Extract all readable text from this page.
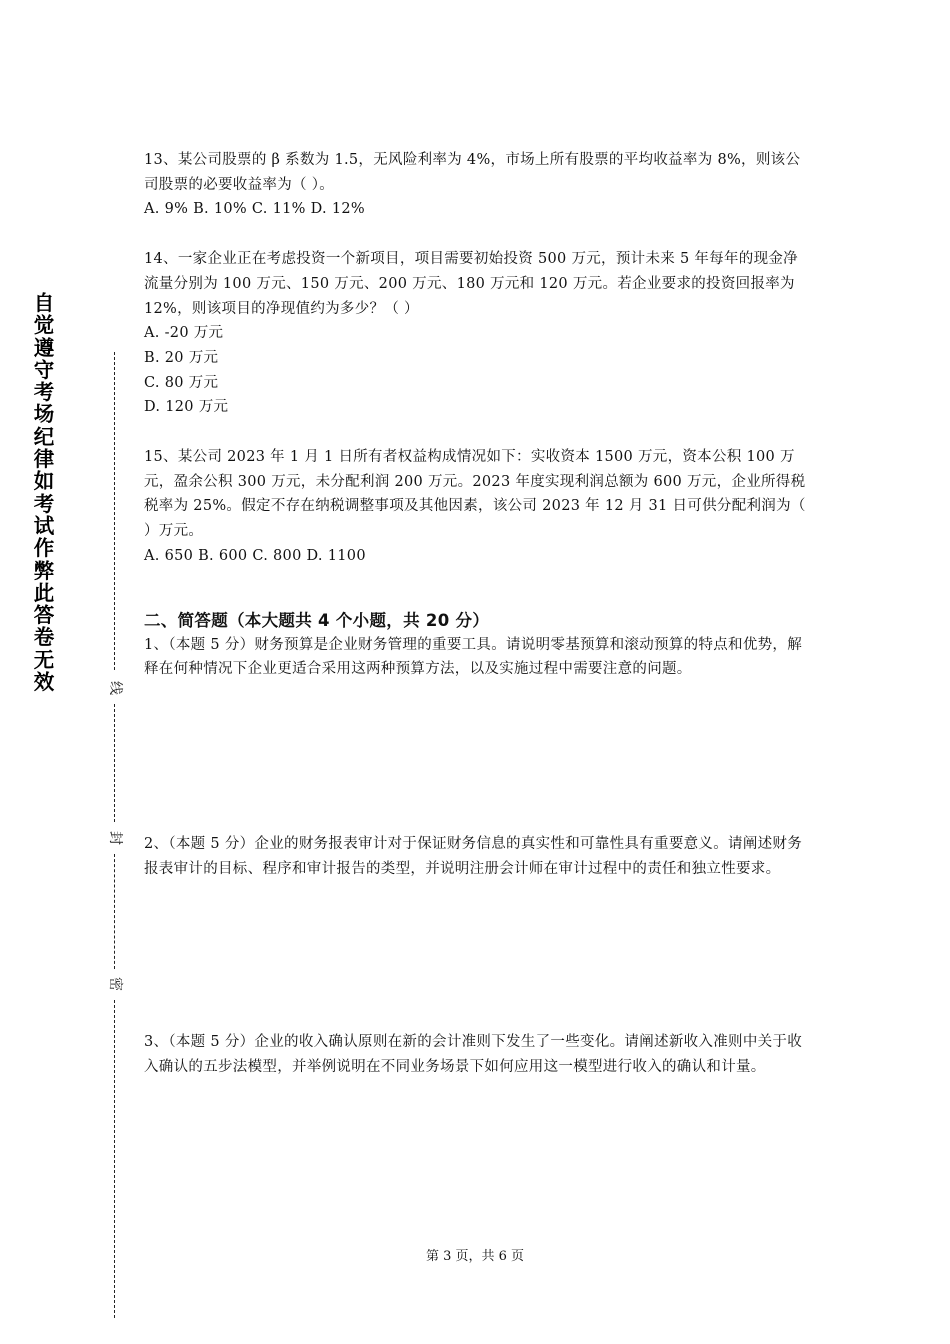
自觉遵守考场纪律如考试作弊此答卷无效	线
封
密

13、某公司股票的 β 系数为 1.5，无风险利率为 4%，市场上所有股票的平均收益率为 8%，则该公司股票的必要收益率为（ ）。

A. 9% B. 10% C. 11% D. 12%

14、一家企业正在考虑投资一个新项目，项目需要初始投资 500 万元，预计未来 5 年每年的现金净流量分别为 100 万元、150 万元、200 万元、180 万元和 120 万元。若企业要求的投资回报率为 12%，则该项目的净现值约为多少？（ ）

A. -20 万元

B. 20 万元

C. 80 万元

D. 120 万元

15、某公司 2023 年 1 月 1 日所有者权益构成情况如下：实收资本 1500 万元，资本公积 100 万元，盈余公积 300 万元，未分配利润 200 万元。2023 年度实现利润总额为 600 万元，企业所得税税率为 25%。假定不存在纳税调整事项及其他因素，该公司 2023 年 12 月 31 日可供分配利润为（ ）万元。

A. 650 B. 600 C. 800 D. 1100

二、简答题（本大题共 4 个小题，共 20 分）

1、（本题 5 分）财务预算是企业财务管理的重要工具。请说明零基预算和滚动预算的特点和优势，解释在何种情况下企业更适合采用这两种预算方法，以及实施过程中需要注意的问题。

2、（本题 5 分）企业的财务报表审计对于保证财务信息的真实性和可靠性具有重要意义。请阐述财务报表审计的目标、程序和审计报告的类型，并说明注册会计师在审计过程中的责任和独立性要求。

3、（本题 5 分）企业的收入确认原则在新的会计准则下发生了一些变化。请阐述新收入准则中关于收入确认的五步法模型，并举例说明在不同业务场景下如何应用这一模型进行收入的确认和计量。

第 3 页，共 6 页
